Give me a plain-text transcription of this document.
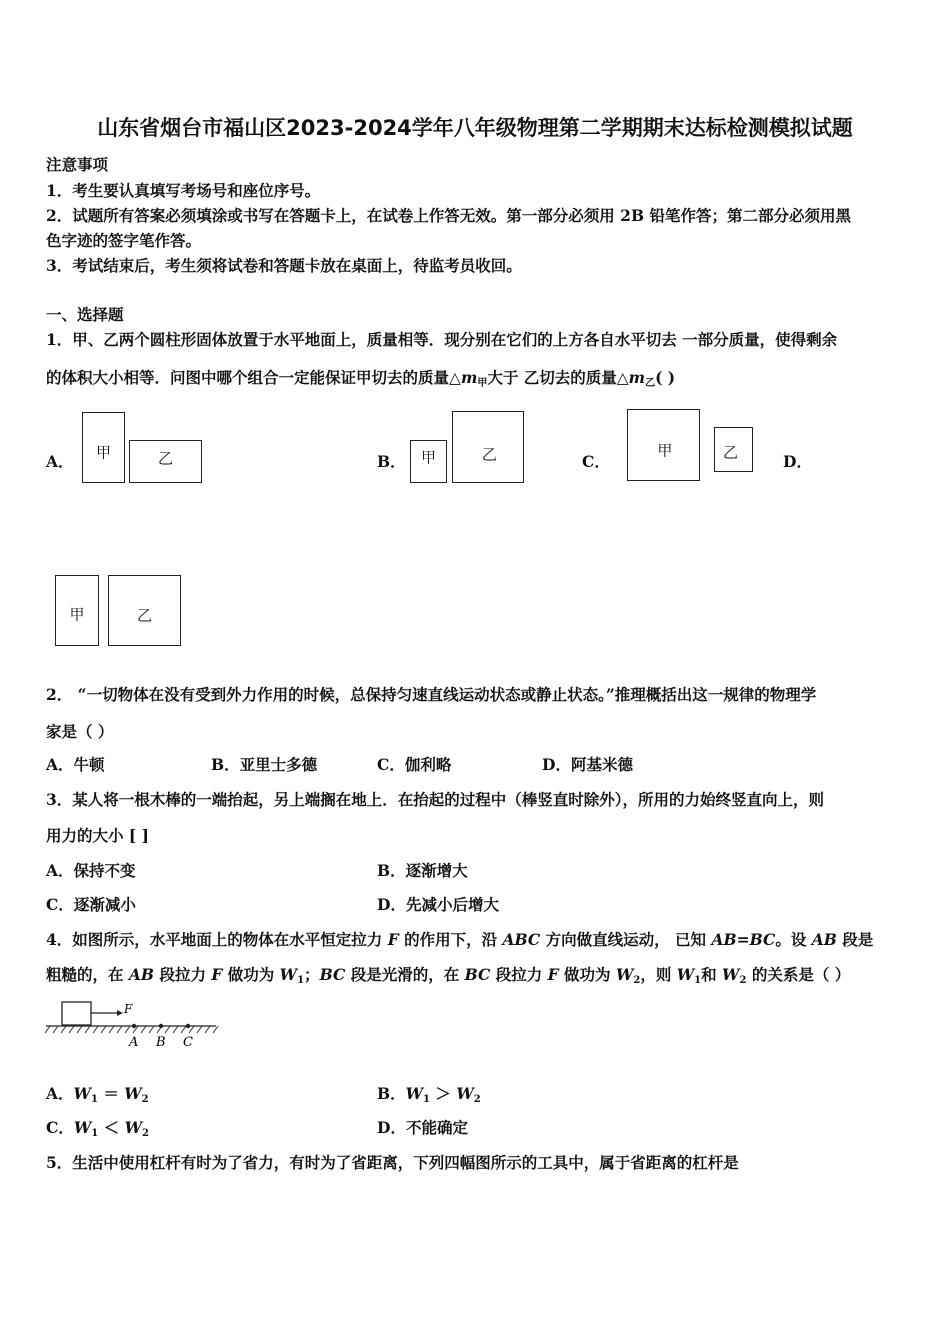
山东省烟台市福山区2023-2024学年八年级物理第二学期期末达标检测模拟试题
注意事项
1．考生要认真填写考场号和座位序号。
2．试题所有答案必须填涂或书写在答题卡上，在试卷上作答无效。第一部分必须用 2B 铅笔作答；第二部分必须用黑
色字迹的签字笔作答。
3．考试结束后，考生须将试卷和答题卡放在桌面上，待监考员收回。
一、选择题
1．甲、乙两个圆柱形固体放置于水平地面上，质量相等．现分别在它们的上方各自水平切去 一部分质量，使得剩余
的体积大小相等．问图中哪个组合一定能保证甲切去的质量$\triangle m_甲$大于 乙切去的质量$\triangle m_乙$( )
A． 甲	乙	B． 甲	乙	C．
甲	乙	D．
甲	乙
2． “一切物体在没有受到外力作用的时候，总保持匀速直线运动状态或静止状态。”推理概括出这一规律的物理学
家是（ ）
A．牛顿	B．亚里士多德	C．伽利略	D．阿基米德
3．某人将一根木棒的一端抬起，另上端搁在地上．在抬起的过程中（棒竖直时除外），所用的力始终竖直向上，则
用力的大小 [ ]
A．保持不变	B．逐渐增大
C．逐渐减小	D．先减小后增大
4．如图所示，水平地面上的物体在水平恒定拉力 F 的作用下，沿 ABC 方向做直线运动， 已知 AB=BC。设 AB 段是
粗糙的，在 AB 段拉力 F 做功为 $W_1$；BC 段是光滑的，在 BC 段拉力 F 做功为 $W_2$，则 $W_1$和 $W_2$ 的关系是（ ）
F
A B C
A．$W_1 = W_2$	B．$W_1 > W_2$
C．$W_1 < W_2$	D．不能确定
5．生活中使用杠杆有时为了省力，有时为了省距离，下列四幅图所示的工具中，属于省距离的杠杆是
